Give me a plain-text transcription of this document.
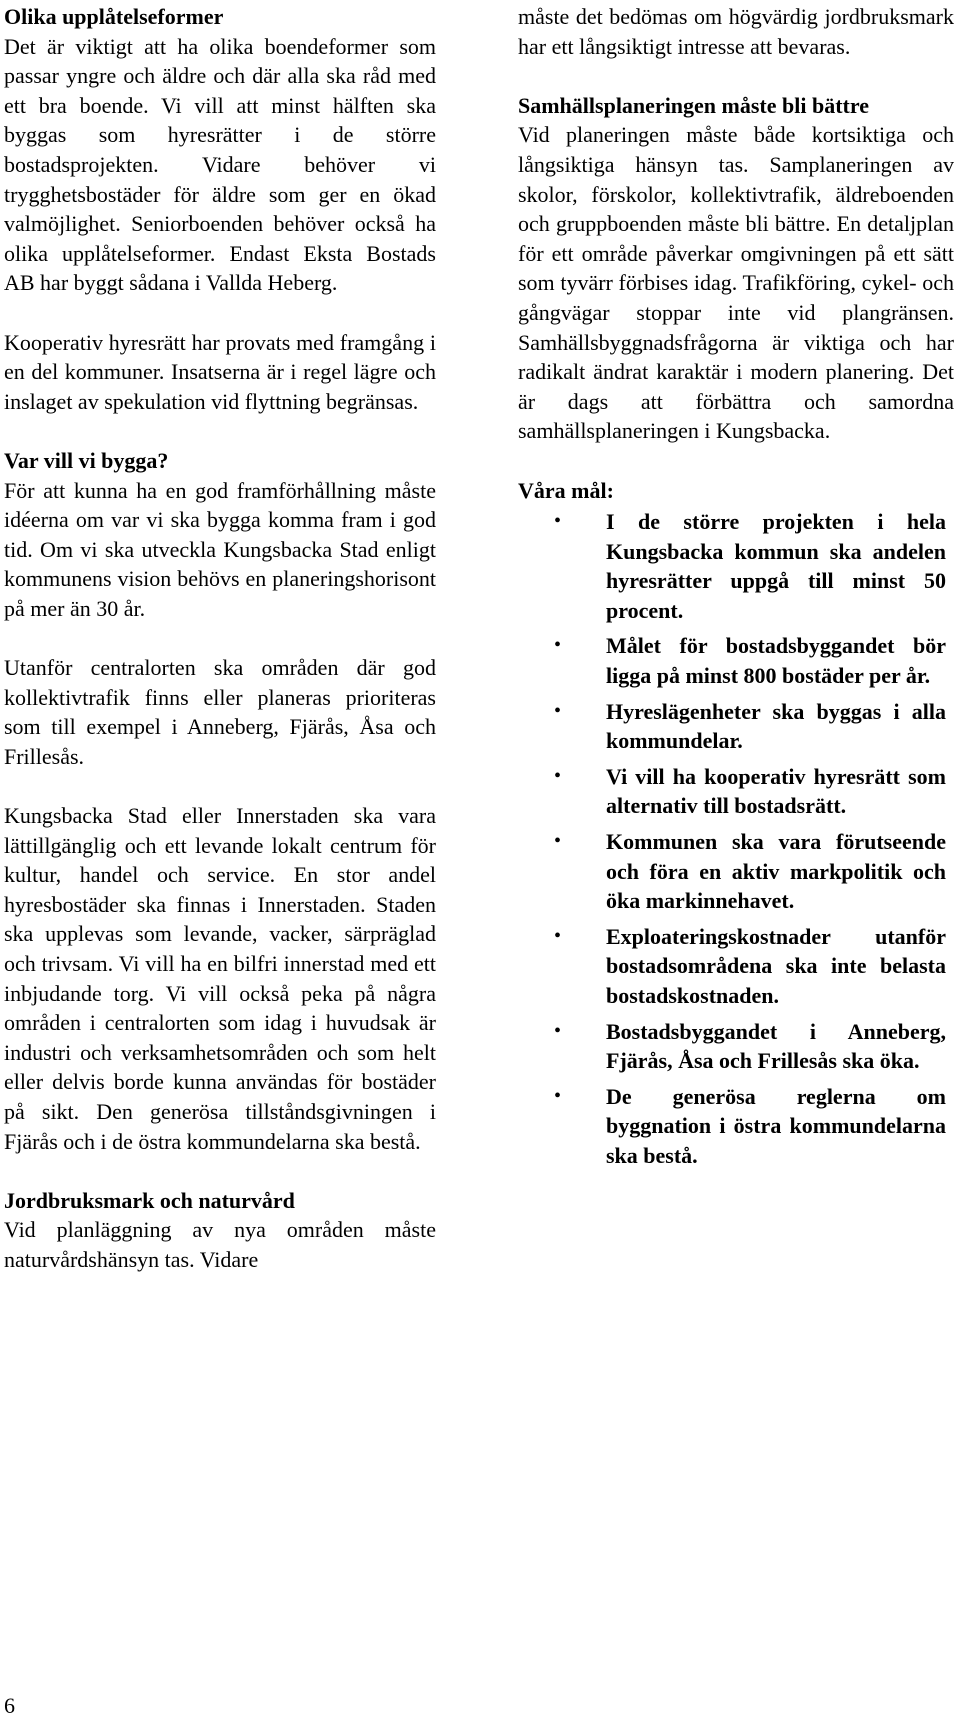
Olika upplåtelseformer

Det är viktigt att ha olika boendeformer som passar yngre och äldre och där alla ska råd med ett bra boende. Vi vill att minst hälften ska byggas som hyresrätter i de större bostadsprojekten. Vidare behöver vi trygghetsbostäder för äldre som ger en ökad valmöjlighet. Seniorboenden behöver också ha olika upplåtelseformer. Endast Eksta Bostads AB har byggt sådana i Vallda Heberg.

Kooperativ hyresrätt har provats med framgång i en del kommuner. Insatserna är i regel lägre och inslaget av spekulation vid flyttning begränsas.

Var vill vi bygga?

För att kunna ha en god framförhållning måste idéerna om var vi ska bygga komma fram i god tid. Om vi ska utveckla Kungsbacka Stad enligt kommunens vision behövs en planeringshorisont på mer än 30 år.

Utanför centralorten ska områden där god kollektivtrafik finns eller planeras prioriteras som till exempel i Anneberg, Fjärås, Åsa och Frillesås.

Kungsbacka Stad eller Innerstaden ska vara lättillgänglig och ett levande lokalt centrum för kultur, handel och service. En stor andel hyresbostäder ska finnas i Innerstaden. Staden ska upplevas som levande, vacker, särpräglad och trivsam. Vi vill ha en bilfri innerstad med ett inbjudande torg. Vi vill också peka på några områden i centralorten som idag i huvudsak är industri och verksamhetsområden och som helt eller delvis borde kunna användas för bostäder på sikt. Den generösa tillståndsgivningen i Fjärås och i de östra kommundelarna ska bestå.

Jordbruksmark och naturvård

Vid planläggning av nya områden måste naturvårdshänsyn tas. Vidare

måste det bedömas om högvärdig jordbruksmark har ett långsiktigt intresse att bevaras.

Samhällsplaneringen måste bli bättre

Vid planeringen måste både kortsiktiga och långsiktiga hänsyn tas. Samplaneringen av skolor, förskolor, kollektivtrafik, äldreboenden och gruppboenden måste bli bättre. En detaljplan för ett område påverkar omgivningen på ett sätt som tyvärr förbises idag. Trafikföring, cykel- och gångvägar stoppar inte vid plangränsen. Samhällsbyggnadsfrågorna är viktiga och har radikalt ändrat karaktär i modern planering. Det är dags att förbättra och samordna samhällsplaneringen i Kungsbacka.

Våra mål:

• I de större projekten i hela Kungsbacka kommun ska andelen hyresrätter uppgå till minst 50 procent.
• Målet för bostadsbyggandet bör ligga på minst 800 bostäder per år.
• Hyreslägenheter ska byggas i alla kommundelar.
• Vi vill ha kooperativ hyresrätt som alternativ till bostadsrätt.
• Kommunen ska vara förutseende och föra en aktiv markpolitik och öka markinnehavet.
• Exploateringskostnader utanför bostadsområdena ska inte belasta bostadskostnaden.
• Bostadsbyggandet i Anneberg, Fjärås, Åsa och Frillesås ska öka.
• De generösa reglerna om byggnation i östra kommundelarna ska bestå.
6
